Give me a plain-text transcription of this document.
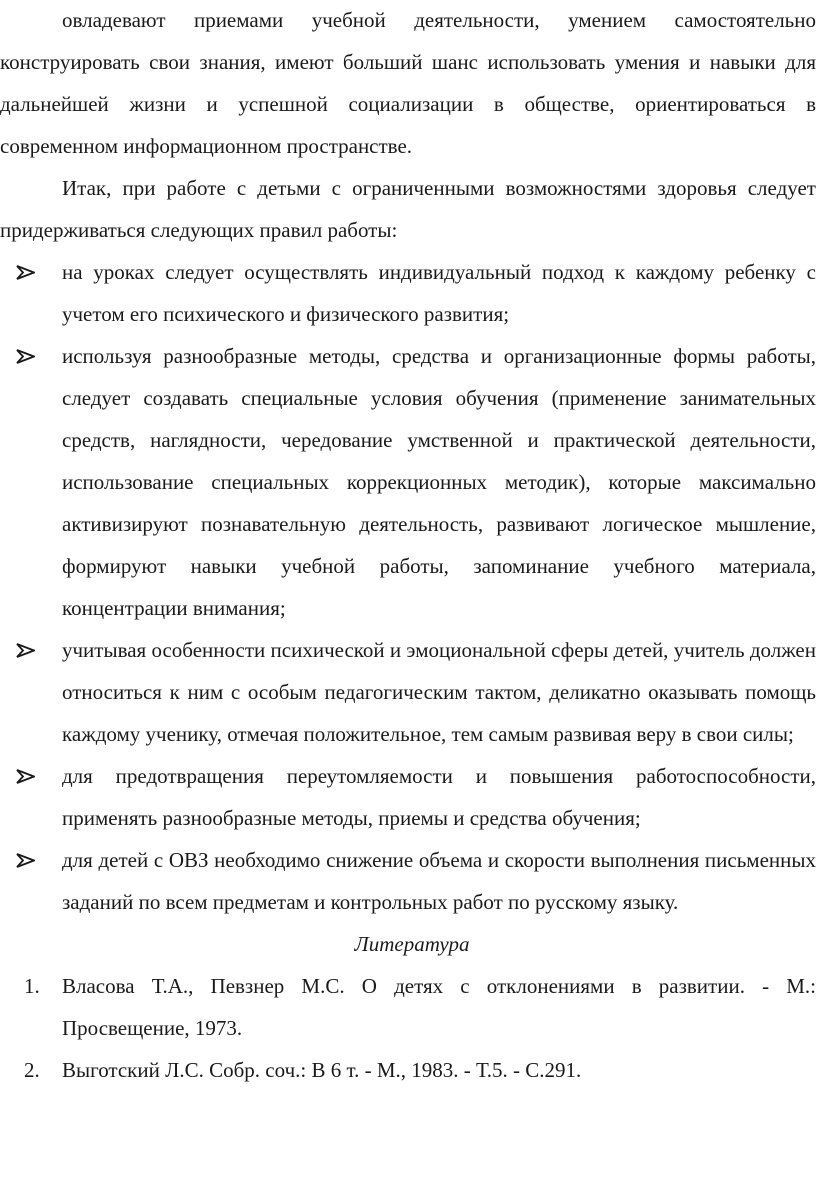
овладевают приемами учебной деятельности, умением самостоятельно конструировать свои знания, имеют больший шанс использовать умения и навыки для дальнейшей жизни и успешной социализации в обществе, ориентироваться в современном информационном пространстве.

Итак, при работе с детьми с ограниченными возможностями здоровья следует придерживаться следующих правил работы:

на уроках следует осуществлять индивидуальный подход к каждому ребенку с учетом его психического и физического развития;
используя разнообразные методы, средства и организационные формы работы, следует создавать специальные условия обучения (применение занимательных средств, наглядности, чередование умственной и практической деятельности, использование специальных коррекционных методик), которые максимально активизируют познавательную деятельность, развивают логическое мышление, формируют навыки учебной работы, запоминание учебного материала, концентрации внимания;
учитывая особенности психической и эмоциональной сферы детей, учитель должен относиться к ним с особым педагогическим тактом, деликатно оказывать помощь каждому ученику, отмечая положительное, тем самым развивая веру в свои силы;
для предотвращения переутомляемости и повышения работоспособности, применять разнообразные методы, приемы и средства обучения;
для детей с ОВЗ необходимо снижение объема и скорости выполнения письменных заданий по всем предметам и контрольных работ по русскому языку.

Литература

1. Власова Т.А., Певзнер М.С. О детях с отклонениями в развитии. - М.: Просвещение, 1973.
2. Выготский Л.С. Собр. соч.: В 6 т. - М., 1983. - Т.5. - С.291.
